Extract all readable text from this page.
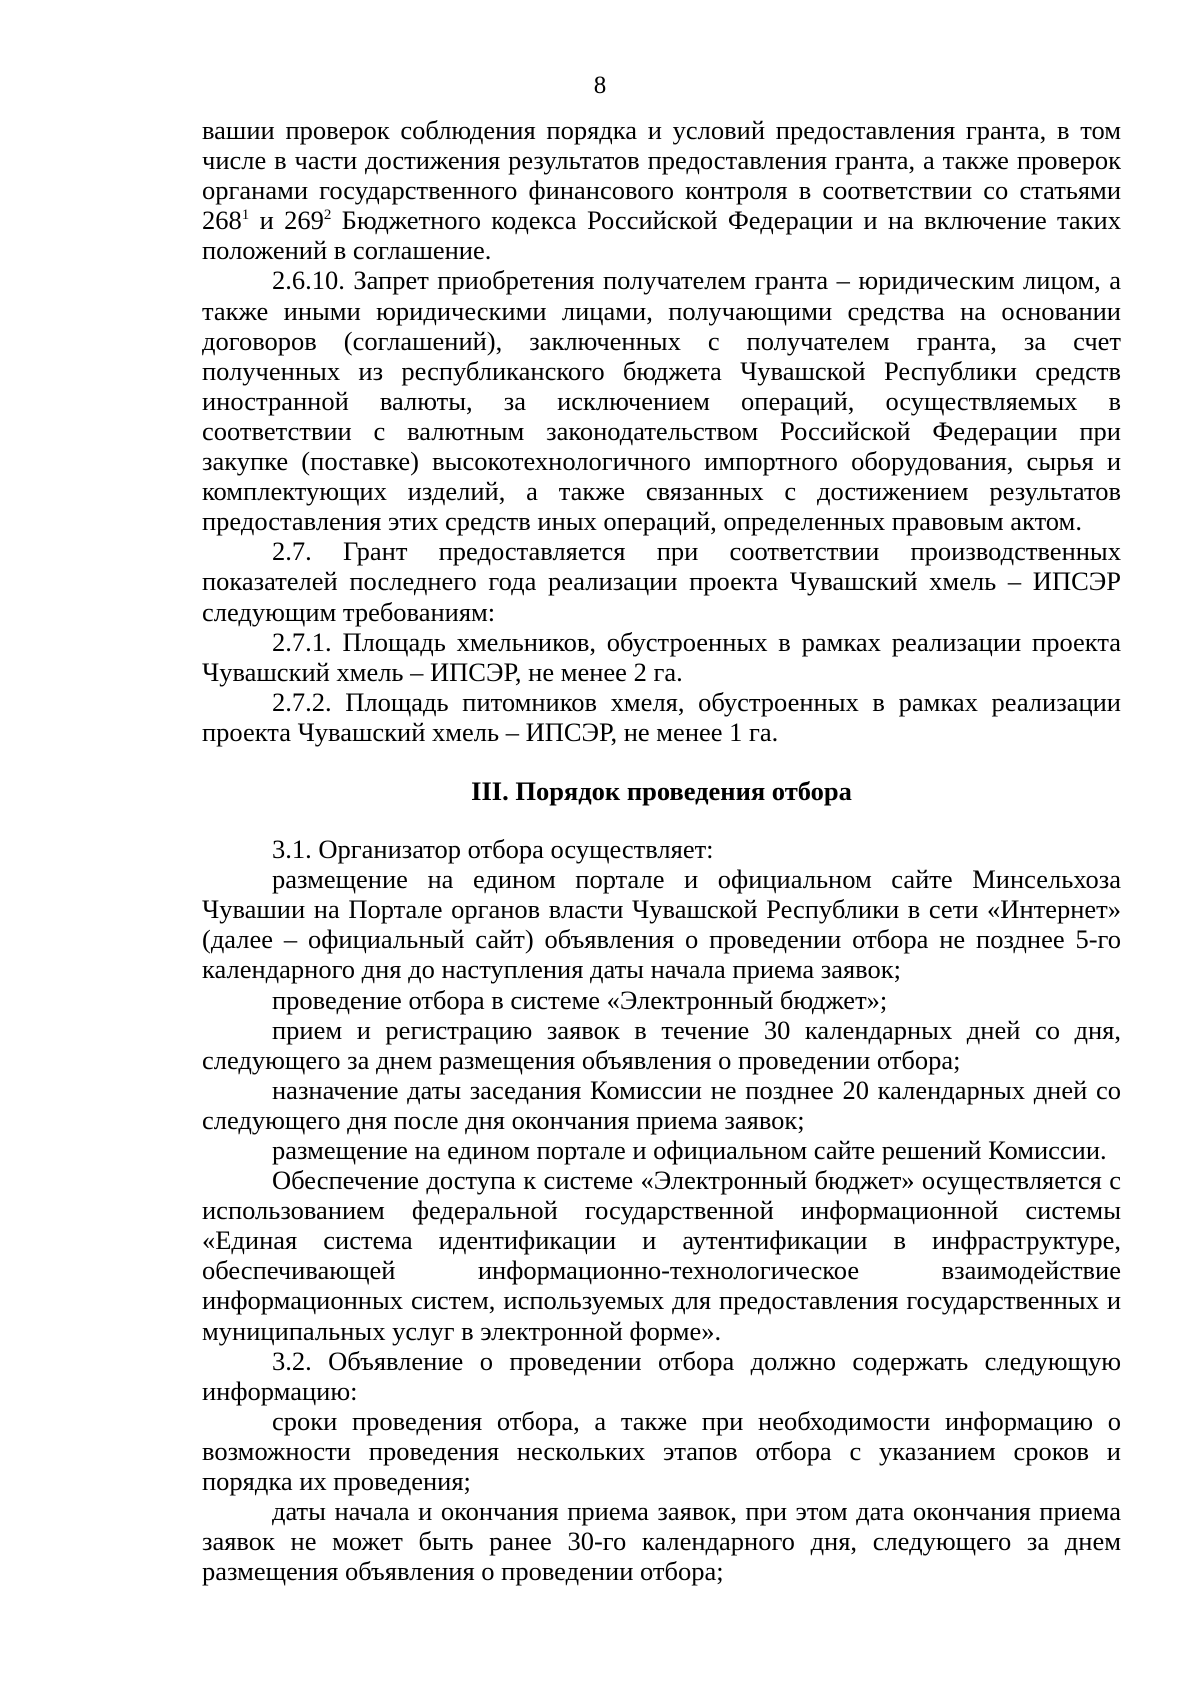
8

вашии проверок соблюдения порядка и условий предоставления гранта, в том числе в части достижения результатов предоставления гранта, а также проверок органами государственного финансового контроля в соответствии со статьями $268^1$ и $269^2$ Бюджетного кодекса Российской Федерации и на включение таких положений в соглашение.

2.6.10. Запрет приобретения получателем гранта – юридическим лицом, а также иными юридическими лицами, получающими средства на основании договоров (соглашений), заключенных с получателем гранта, за счет полученных из республиканского бюджета Чувашской Республики средств иностранной валюты, за исключением операций, осуществляемых в соответствии с валютным законодательством Российской Федерации при закупке (поставке) высокотехнологичного импортного оборудования, сырья и комплектующих изделий, а также связанных с достижением результатов предоставления этих средств иных операций, определенных правовым актом.

2.7. Грант предоставляется при соответствии производственных показателей последнего года реализации проекта Чувашский хмель – ИПСЭР следующим требованиям:

2.7.1. Площадь хмельников, обустроенных в рамках реализации проекта Чувашский хмель – ИПСЭР, не менее 2 га.

2.7.2. Площадь питомников хмеля, обустроенных в рамках реализации проекта Чувашский хмель – ИПСЭР, не менее 1 га.

III. Порядок проведения отбора

3.1. Организатор отбора осуществляет:

размещение на едином портале и официальном сайте Минсельхоза Чувашии на Портале органов власти Чувашской Республики в сети «Интернет» (далее – официальный сайт) объявления о проведении отбора не позднее 5-го календарного дня до наступления даты начала приема заявок;

проведение отбора в системе «Электронный бюджет»;

прием и регистрацию заявок в течение 30 календарных дней со дня, следующего за днем размещения объявления о проведении отбора;

назначение даты заседания Комиссии не позднее 20 календарных дней со следующего дня после дня окончания приема заявок;

размещение на едином портале и официальном сайте решений Комиссии.

Обеспечение доступа к системе «Электронный бюджет» осуществляется с использованием федеральной государственной информационной системы «Единая система идентификации и аутентификации в инфраструктуре, обеспечивающей информационно-технологическое взаимодействие информационных систем, используемых для предоставления государственных и муниципальных услуг в электронной форме».

3.2. Объявление о проведении отбора должно содержать следующую информацию:

сроки проведения отбора, а также при необходимости информацию о возможности проведения нескольких этапов отбора с указанием сроков и порядка их проведения;

даты начала и окончания приема заявок, при этом дата окончания приема заявок не может быть ранее 30-го календарного дня, следующего за днем размещения объявления о проведении отбора;
